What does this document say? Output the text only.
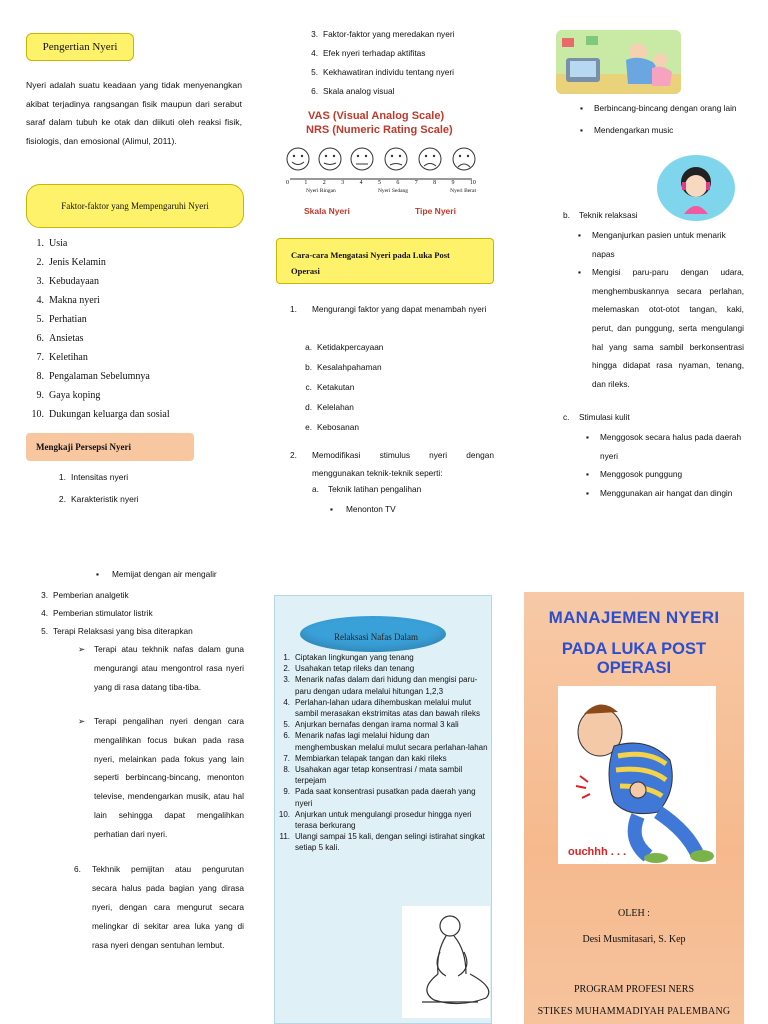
Pengertian Nyeri

Nyeri adalah suatu keadaan yang tidak menyenangkan akibat terjadinya rangsangan fisik maupun dari serabut saraf dalam tubuh ke otak dan diikuti oleh reaksi fisik, fisiologis, dan emosional (Alimul, 2011).

Faktor-faktor yang Mempengaruhi Nyeri
1. Usia
2. Jenis Kelamin
3. Kebudayaan
4. Makna nyeri
5. Perhatian
6. Ansietas
7. Keletihan
8. Pengalaman Sebelumnya
9. Gaya koping
10. Dukungan keluarga dan sosial
Mengkaji Persepsi Nyeri
1. Intensitas nyeri
2. Karakteristik nyeri
3. Faktor-faktor yang meredakan nyeri
4. Efek nyeri terhadap aktifitas
5. Kekhawatiran individu tentang nyeri
6. Skala analog visual
VAS (Visual Analog Scale)
NRS (Numeric Rating Scale)
0	1	2	3	4	5	6	7	8	9	10
Nyeri Ringan	Nyeri Sedang	Nyeri Berat
Skala Nyeri	Tipe Nyeri
Cara-cara Mengatasi Nyeri pada Luka Post Operasi
1.	Mengurangi faktor yang dapat menambah nyeri
a. Ketidakpercayaan
b. Kesalahpahaman
c. Ketakutan
d. Kelelahan
e. Kebosanan
2.	Memodifikasi stimulus nyeri dengan menggunakan teknik-teknik seperti:
a.	Teknik latihan pengalihan
▪	Menonton TV
▪	Berbincang-bincang dengan orang lain
▪	Mendengarkan music
b.	Teknik relaksasi
▪	Menganjurkan pasien untuk menarik napas
▪	Mengisi paru-paru dengan udara, menghembuskannya secara perlahan, melemaskan otot-otot tangan, kaki, perut, dan punggung, serta mengulangi hal yang sama sambil berkonsentrasi hingga didapat rasa nyaman, tenang, dan rileks.
c.	Stimulasi kulit
▪	Menggosok secara halus pada daerah nyeri
▪	Menggosok punggung
▪	Menggunakan air hangat dan dingin
▪	Memijat dengan air mengalir
3. Pemberian analgetik
4. Pemberian stimulator listrik
5. Terapi Relaksasi yang bisa diterapkan
➢	Terapi atau tekhnik nafas dalam guna mengurangi atau mengontrol rasa nyeri yang di rasa datang tiba-tiba.
➢	Terapi pengalihan nyeri dengan cara mengalihkan focus bukan pada rasa nyeri, melainkan pada fokus yang lain seperti berbincang-bincang, menonton televise, mendengarkan musik, atau hal lain sehingga dapat mengalihkan perhatian dari nyeri.
6.	Tekhnik pemijitan atau pengurutan secara halus pada bagian yang dirasa nyeri, dengan cara mengurut secara melingkar di sekitar area luka yang di rasa nyeri dengan sentuhan lembut.
Relaksasi Nafas Dalam
1. Ciptakan lingkungan yang tenang
2. Usahakan tetap rileks dan tenang
3. Menarik nafas dalam dari hidung dan mengisi paru-paru dengan udara melalui hitungan 1,2,3
4. Perlahan-lahan udara dihembuskan melalui mulut sambil merasakan ekstrimitas atas dan bawah rileks
5. Anjurkan bernafas dengan irama normal 3 kali
6. Menarik nafas lagi melalui hidung dan menghembuskan melalui mulut secara perlahan-lahan
7. Membiarkan telapak tangan dan kaki rileks
8. Usahakan agar tetap konsentrasi / mata sambil terpejam
9. Pada saat konsentrasi pusatkan pada daerah yang nyeri
10. Anjurkan untuk mengulangi prosedur hingga nyeri terasa berkurang
11. Ulangi sampai 15 kali, dengan selingi istirahat singkat setiap 5 kali.
MANAJEMEN NYERI
PADA LUKA POST OPERASI
ouchhh . . .
OLEH :
Desi Musmitasari, S. Kep
PROGRAM PROFESI NERS
STIKES MUHAMMADIYAH PALEMBANG
